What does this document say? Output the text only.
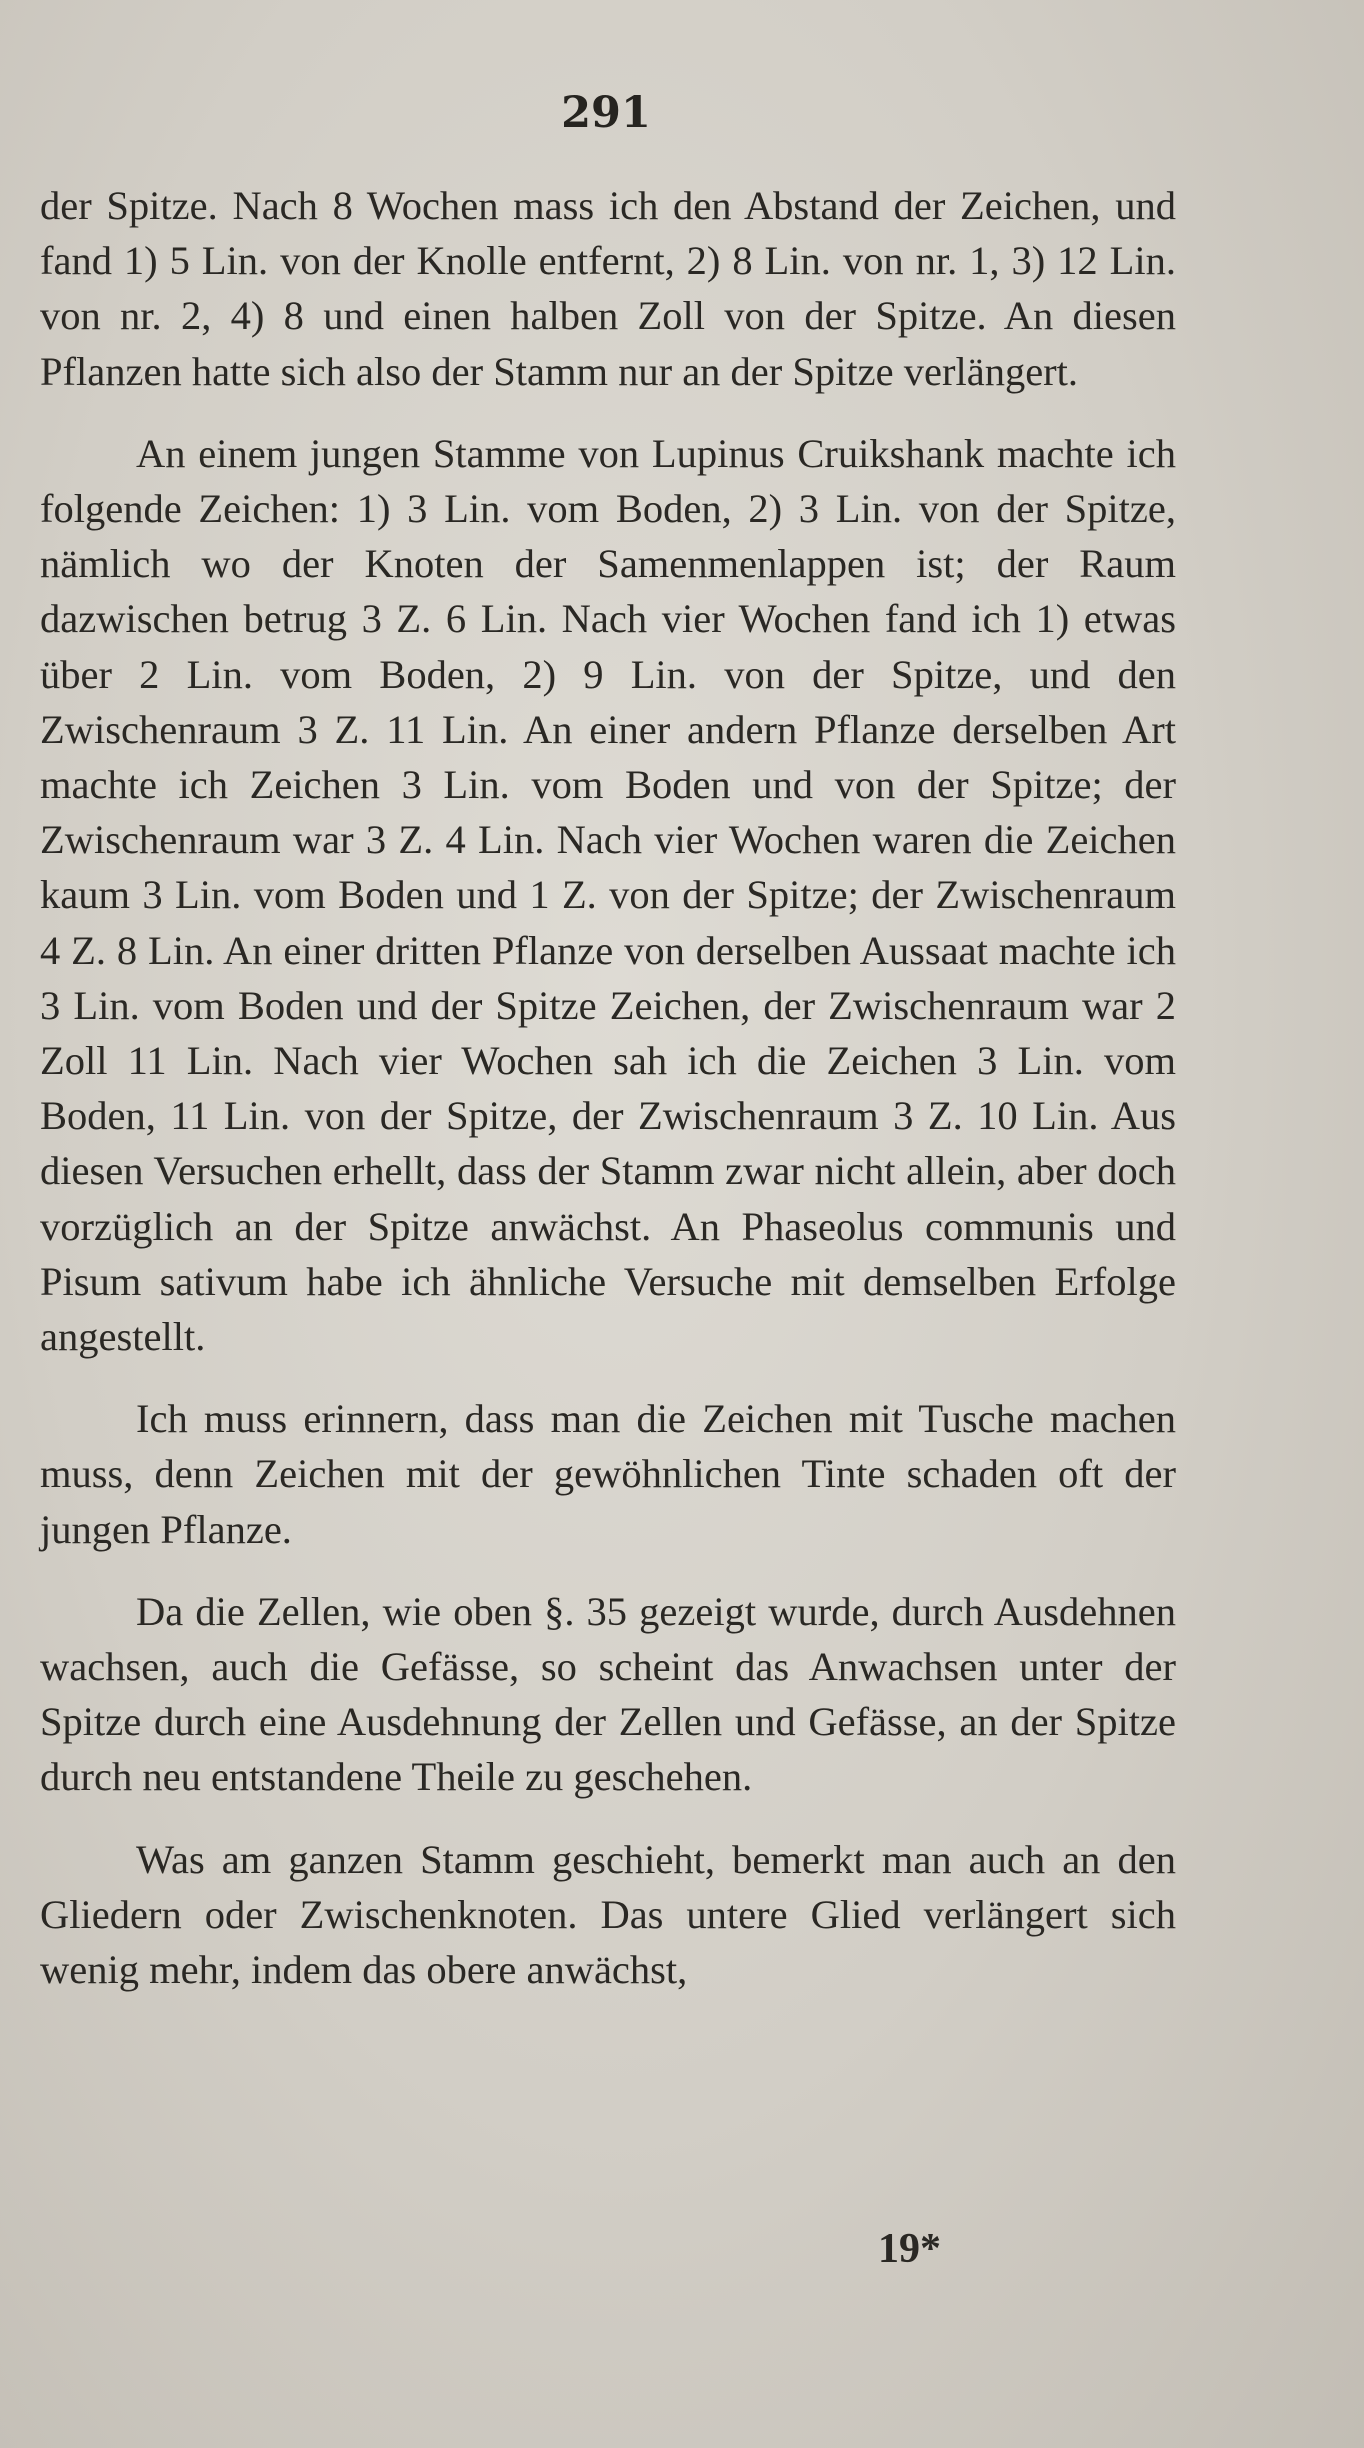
291

der Spitze. Nach 8 Wochen mass ich den Abstand der Zeichen, und fand 1) 5 Lin. von der Knolle entfernt, 2) 8 Lin. von nr. 1, 3) 12 Lin. von nr. 2, 4) 8 und einen halben Zoll von der Spitze. An diesen Pflanzen hatte sich also der Stamm nur an der Spitze verlängert.

An einem jungen Stamme von Lupinus Cruikshank machte ich folgende Zeichen: 1) 3 Lin. vom Boden, 2) 3 Lin. von der Spitze, nämlich wo der Knoten der Samenmenlappen ist; der Raum dazwischen betrug 3 Z. 6 Lin. Nach vier Wochen fand ich 1) etwas über 2 Lin. vom Boden, 2) 9 Lin. von der Spitze, und den Zwischenraum 3 Z. 11 Lin. An einer andern Pflanze derselben Art machte ich Zeichen 3 Lin. vom Boden und von der Spitze; der Zwischenraum war 3 Z. 4 Lin. Nach vier Wochen waren die Zeichen kaum 3 Lin. vom Boden und 1 Z. von der Spitze; der Zwischenraum 4 Z. 8 Lin. An einer dritten Pflanze von derselben Aussaat machte ich 3 Lin. vom Boden und der Spitze Zeichen, der Zwischenraum war 2 Zoll 11 Lin. Nach vier Wochen sah ich die Zeichen 3 Lin. vom Boden, 11 Lin. von der Spitze, der Zwischenraum 3 Z. 10 Lin. Aus diesen Versuchen erhellt, dass der Stamm zwar nicht allein, aber doch vorzüglich an der Spitze anwächst. An Phaseolus communis und Pisum sativum habe ich ähnliche Versuche mit demselben Erfolge angestellt.

Ich muss erinnern, dass man die Zeichen mit Tusche machen muss, denn Zeichen mit der gewöhnlichen Tinte schaden oft der jungen Pflanze.

Da die Zellen, wie oben §. 35 gezeigt wurde, durch Ausdehnen wachsen, auch die Gefässe, so scheint das Anwachsen unter der Spitze durch eine Ausdehnung der Zellen und Gefässe, an der Spitze durch neu entstandene Theile zu geschehen.

Was am ganzen Stamm geschieht, bemerkt man auch an den Gliedern oder Zwischenknoten. Das untere Glied verlängert sich wenig mehr, indem das obere anwächst,

19*
